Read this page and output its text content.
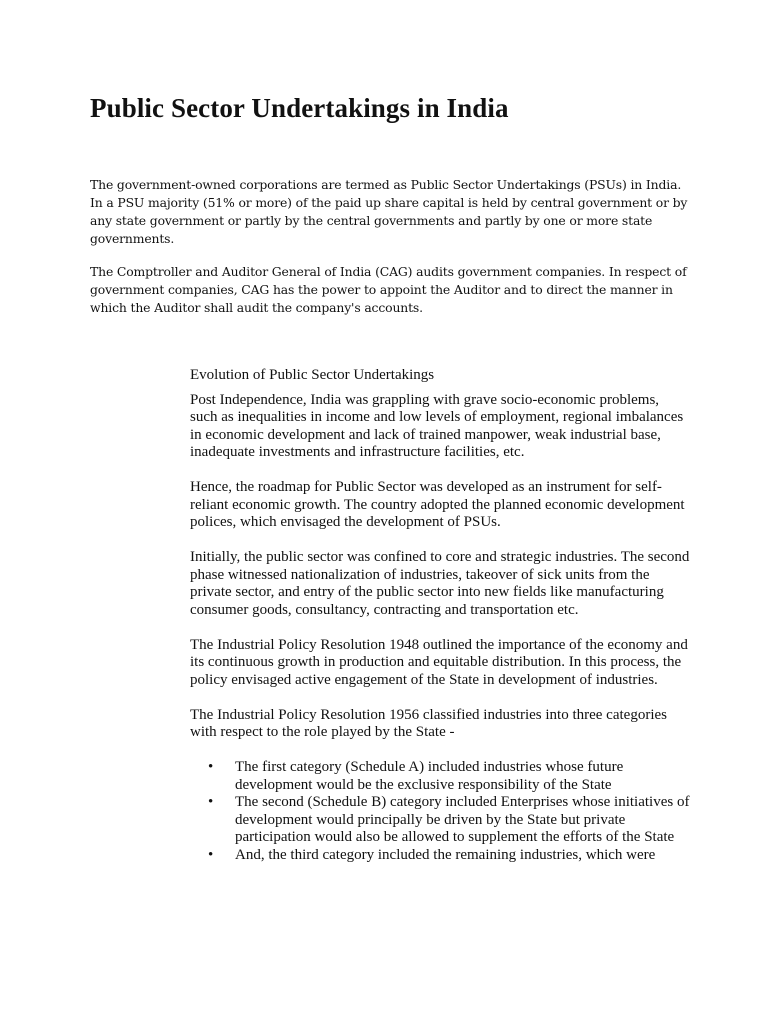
Public Sector Undertakings in India

The government-owned corporations are termed as Public Sector Undertakings (PSUs) in India. In a PSU majority (51% or more) of the paid up share capital is held by central government or by any state government or partly by the central governments and partly by one or more state governments.

The Comptroller and Auditor General of India (CAG) audits government companies. In respect of government companies, CAG has the power to appoint the Auditor and to direct the manner in which the Auditor shall audit the company's accounts.

Evolution of Public Sector Undertakings

Post Independence, India was grappling with grave socio-economic problems, such as inequalities in income and low levels of employment, regional imbalances in economic development and lack of trained manpower, weak industrial base, inadequate investments and infrastructure facilities, etc.

Hence, the roadmap for Public Sector was developed as an instrument for self-reliant economic growth. The country adopted the planned economic development polices, which envisaged the development of PSUs.

Initially, the public sector was confined to core and strategic industries. The second phase witnessed nationalization of industries, takeover of sick units from the private sector, and entry of the public sector into new fields like manufacturing consumer goods, consultancy, contracting and transportation etc.

The Industrial Policy Resolution 1948 outlined the importance of the economy and its continuous growth in production and equitable distribution. In this process, the policy envisaged active engagement of the State in development of industries.

The Industrial Policy Resolution 1956 classified industries into three categories with respect to the role played by the State -

• The first category (Schedule A) included industries whose future development would be the exclusive responsibility of the State
• The second (Schedule B) category included Enterprises whose initiatives of development would principally be driven by the State but private participation would also be allowed to supplement the efforts of the State
• And, the third category included the remaining industries, which were
